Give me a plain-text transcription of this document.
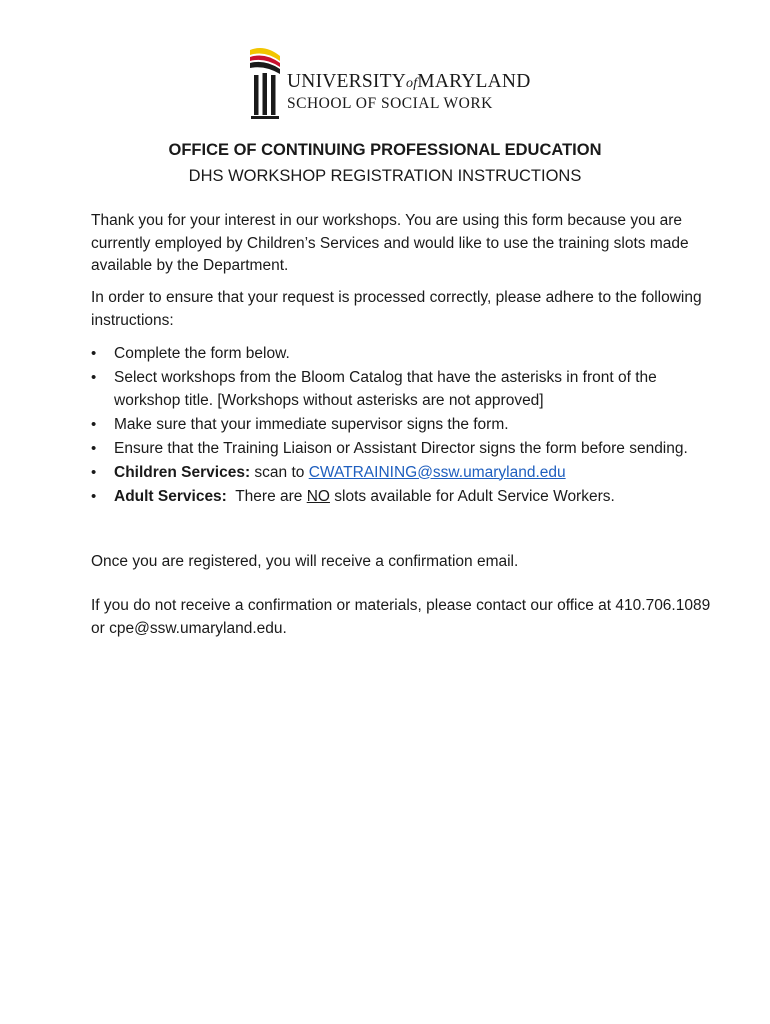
UNIVERSITYofMARYLAND
SCHOOL OF SOCIAL WORK
OFFICE OF CONTINUING PROFESSIONAL EDUCATION
DHS WORKSHOP REGISTRATION INSTRUCTIONS
Thank you for your interest in our workshops. You are using this form because you are currently employed by Children’s Services and would like to use the training slots made available by the Department.
In order to ensure that your request is processed correctly, please adhere to the following instructions:
• Complete the form below.
• Select workshops from the Bloom Catalog that have the asterisks in front of the workshop title. [Workshops without asterisks are not approved]
• Make sure that your immediate supervisor signs the form.
• Ensure that the Training Liaison or Assistant Director signs the form before sending.
• Children Services: scan to CWATRAINING@ssw.umaryland.edu
• Adult Services:  There are NO slots available for Adult Service Workers.
Once you are registered, you will receive a confirmation email.
If you do not receive a confirmation or materials, please contact our office at 410.706.1089 or cpe@ssw.umaryland.edu.
